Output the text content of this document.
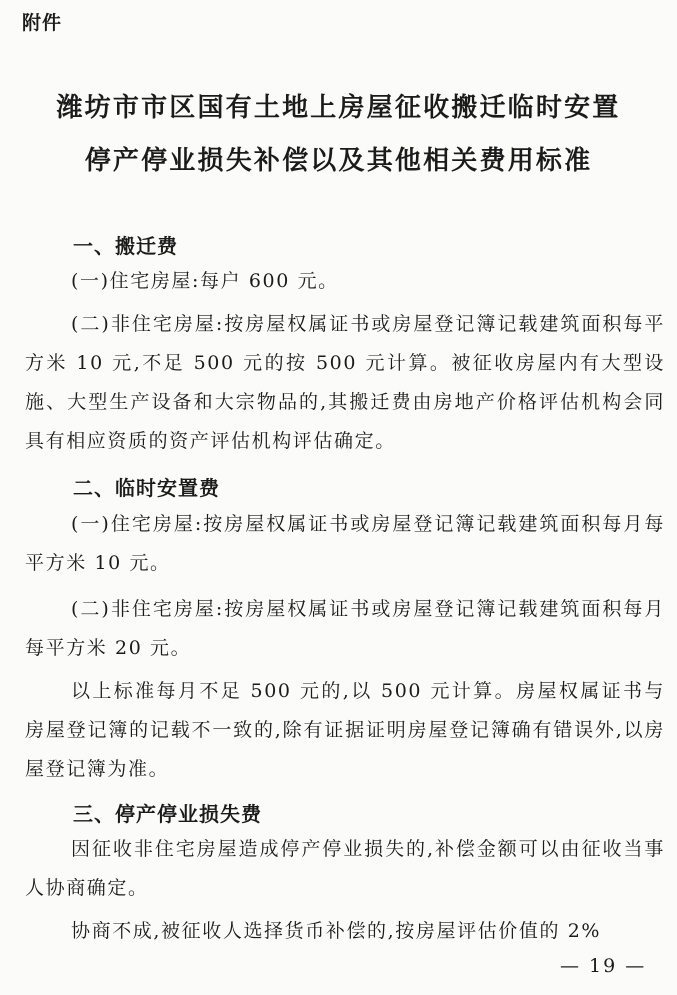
附件
潍坊市市区国有土地上房屋征收搬迁临时安置
停产停业损失补偿以及其他相关费用标准
一、搬迁费
(一)住宅房屋:每户 600 元。
(二)非住宅房屋:按房屋权属证书或房屋登记簿记载建筑面积每平方米 10 元,不足 500 元的按 500 元计算。被征收房屋内有大型设施、大型生产设备和大宗物品的,其搬迁费由房地产价格评估机构会同具有相应资质的资产评估机构评估确定。
二、临时安置费
(一)住宅房屋:按房屋权属证书或房屋登记簿记载建筑面积每月每平方米 10 元。
(二)非住宅房屋:按房屋权属证书或房屋登记簿记载建筑面积每月每平方米 20 元。
以上标准每月不足 500 元的,以 500 元计算。房屋权属证书与房屋登记簿的记载不一致的,除有证据证明房屋登记簿确有错误外,以房屋登记簿为准。
三、停产停业损失费
因征收非住宅房屋造成停产停业损失的,补偿金额可以由征收当事人协商确定。
协商不成,被征收人选择货币补偿的,按房屋评估价值的 2%
— 19 —
